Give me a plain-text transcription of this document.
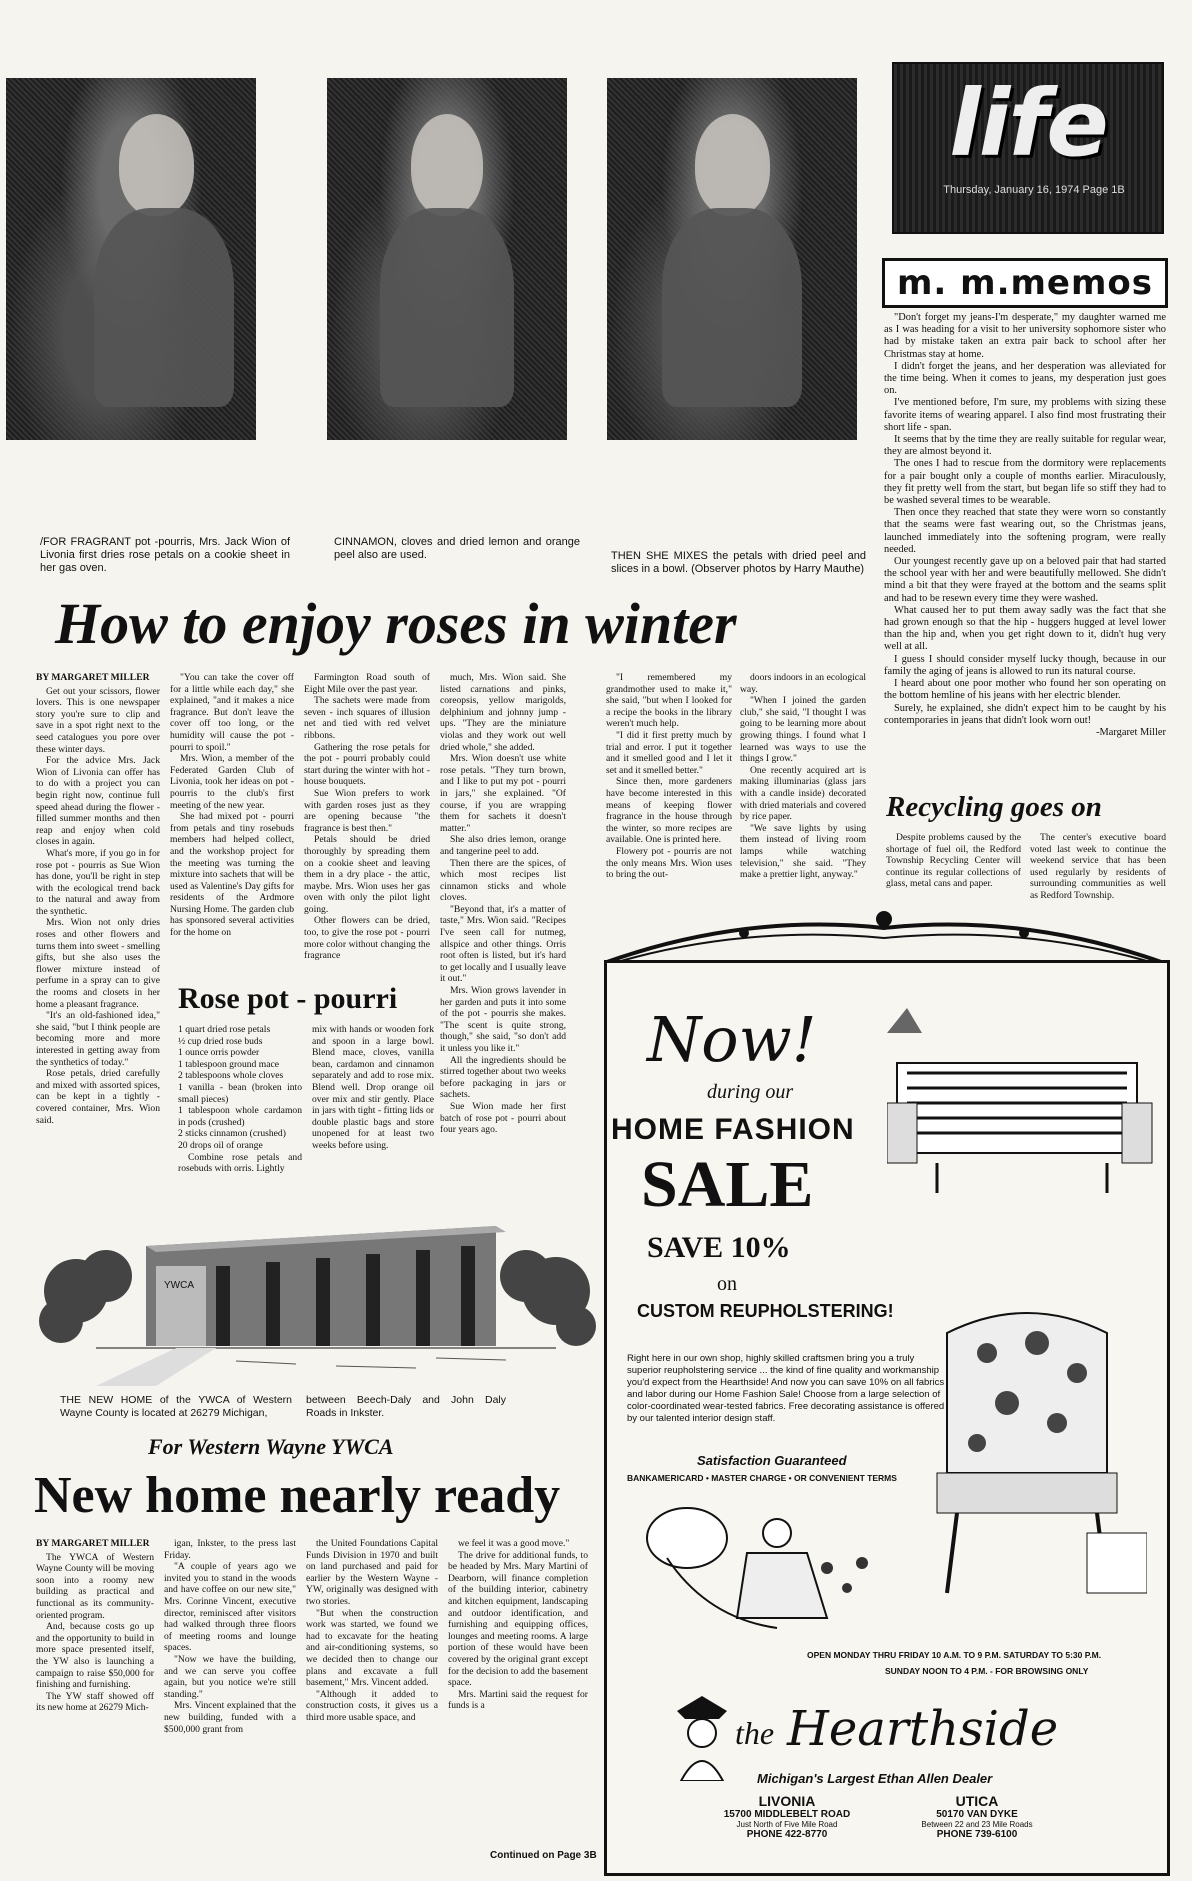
/FOR FRAGRANT pot -pourris, Mrs. Jack Wion of Livonia first dries rose petals on a cookie sheet in her gas oven.
CINNAMON, cloves and dried lemon and orange peel also are used.	THEN SHE MIXES the petals with dried peel and slices in a bowl. (Observer photos by Harry Mauthe)
life
Thursday, January 16, 1974 Page 1B
m. m.memos

"Don't forget my jeans-I'm desperate," my daughter warned me as I was heading for a visit to her university sophomore sister who had by mistake taken an extra pair back to school after her Christmas stay at home.

I didn't forget the jeans, and her desperation was alleviated for the time being. When it comes to jeans, my desperation just goes on.

I've mentioned before, I'm sure, my problems with sizing these favorite items of wearing apparel. I also find most frustrating their short life - span.

It seems that by the time they are really suitable for regular wear, they are almost beyond it.

The ones I had to rescue from the dormitory were replacements for a pair bought only a couple of months earlier. Miraculously, they fit pretty well from the start, but began life so stiff they had to be washed several times to be wearable.

Then once they reached that state they were worn so constantly that the seams were fast wearing out, so the Christmas jeans, launched immediately into the softening program, were really needed.

Our youngest recently gave up on a beloved pair that had started the school year with her and were beautifully mellowed. She didn't mind a bit that they were frayed at the bottom and the seams split and had to be resewn every time they were washed.

What caused her to put them away sadly was the fact that she had grown enough so that the hip - huggers hugged at level lower than the hip and, when you get right down to it, didn't hug very well at all.

I guess I should consider myself lucky though, because in our family the aging of jeans is allowed to run its natural course.

I heard about one poor mother who found her son operating on the bottom hemline of his jeans with her electric blender.

Surely, he explained, she didn't expect him to be caught by his contemporaries in jeans that didn't look worn out!

-Margaret Miller

Recycling goes on

Despite problems caused by the shortage of fuel oil, the Redford Township Recycling Center will continue its regular collections of glass, metal cans and paper.

The center's executive board voted last week to continue the weekend service that has been used regularly by residents of surrounding communities as well as Redford Township.

How to enjoy roses in winter

BY MARGARET MILLER

Get out your scissors, flower lovers. This is one newspaper story you're sure to clip and save in a spot right next to the seed catalogues you pore over these winter days.

For the advice Mrs. Jack Wion of Livonia can offer has to do with a project you can begin right now, continue full speed ahead during the flower - filled summer months and then reap and enjoy when cold closes in again.

What's more, if you go in for rose pot - pourris as Sue Wion has done, you'll be right in step with the ecological trend back to the natural and away from the synthetic.

Mrs. Wion not only dries roses and other flowers and turns them into sweet - smelling gifts, but she also uses the flower mixture instead of perfume in a spray can to give the rooms and closets in her home a pleasant fragrance.

"It's an old-fashioned idea," she said, "but I think people are becoming more and more interested in getting away from the synthetics of today."

Rose petals, dried carefully and mixed with assorted spices, can be kept in a tightly - covered container, Mrs. Wion said.

"You can take the cover off for a little while each day," she explained, "and it makes a nice fragrance. But don't leave the cover off too long, or the humidity will cause the pot - pourri to spoil."

Mrs. Wion, a member of the Federated Garden Club of Livonia, took her ideas on pot - pourris to the club's first meeting of the new year.

She had mixed pot - pourri from petals and tiny rosebuds members had helped collect, and the workshop project for the meeting was turning the mixture into sachets that will be used as Valentine's Day gifts for residents of the Ardmore Nursing Home. The garden club has sponsored several activities for the home on

Farmington Road south of Eight Mile over the past year.

The sachets were made from seven - inch squares of illusion net and tied with red velvet ribbons.

Gathering the rose petals for the pot - pourri probably could start during the winter with hot - house bouquets.

Sue Wion prefers to work with garden roses just as they are opening because "the fragrance is best then."

Petals should be dried thoroughly by spreading them on a cookie sheet and leaving them in a dry place - the attic, maybe. Mrs. Wion uses her gas oven with only the pilot light going.

Other flowers can be dried, too, to give the rose pot - pourri more color without changing the fragrance

much, Mrs. Wion said. She listed carnations and pinks, coreopsis, yellow marigolds, delphinium and johnny jump - ups. "They are the miniature violas and they work out well dried whole," she added.

Mrs. Wion doesn't use white rose petals. "They turn brown, and I like to put my pot - pourri in jars," she explained. "Of course, if you are wrapping them for sachets it doesn't matter."

She also dries lemon, orange and tangerine peel to add.

Then there are the spices, of which most recipes list cinnamon sticks and whole cloves.

"Beyond that, it's a matter of taste," Mrs. Wion said. "Recipes I've seen call for nutmeg, allspice and other things. Orris root often is listed, but it's hard to get locally and I usually leave it out."

Mrs. Wion grows lavender in her garden and puts it into some of the pot - pourris she makes. "The scent is quite strong, though," she said, "so don't add it unless you like it."

All the ingredients should be stirred together about two weeks before packaging in jars or sachets.

Sue Wion made her first batch of rose pot - pourri about four years ago.

"I remembered my grandmother used to make it," she said, "but when I looked for a recipe the books in the library weren't much help.

"I did it first pretty much by trial and error. I put it together and it smelled good and I let it set and it smelled better."

Since then, more gardeners have become interested in this means of keeping flower fragrance in the house through the winter, so more recipes are available. One is printed here.

Flowery pot - pourris are not the only means Mrs. Wion uses to bring the out-

doors indoors in an ecological way.

"When I joined the garden club," she said, "I thought I was going to be learning more about growing things. I found what I learned was ways to use the things I grow."

One recently acquired art is making illuminarias (glass jars with a candle inside) decorated with dried materials and covered by rice paper.

"We save lights by using them instead of living room lamps while watching television," she said. "They make a prettier light, anyway."

Rose pot - pourri

1 quart dried rose petals

½ cup dried rose buds

1 ounce orris powder

1 tablespoon ground mace

2 tablespoons whole cloves

1 vanilla - bean (broken into small pieces)

1 tablespoon whole cardamon in pods (crushed)

2 sticks cinnamon (crushed)

20 drops oil of orange

Combine rose petals and rosebuds with orris. Lightly

mix with hands or wooden fork and spoon in a large bowl. Blend mace, cloves, vanilla bean, cardamon and cinnamon separately and add to rose mix. Blend well. Drop orange oil over mix and stir gently. Place in jars with tight - fitting lids or double plastic bags and store unopened for at least two weeks before using.

YWCA
THE NEW HOME of the YWCA of Western Wayne County is located at 26279 Michigan,
between Beech-Daly and John Daly Roads in Inkster.
For Western Wayne YWCA
New home nearly ready

BY MARGARET MILLER

The YWCA of Western Wayne County will be moving soon into a roomy new building as practical and functional as its community-oriented program.

And, because costs go up and the opportunity to build in more space presented itself, the YW also is launching a campaign to raise $50,000 for finishing and furnishing.

The YW staff showed off its new home at 26279 Mich-

igan, Inkster, to the press last Friday.

"A couple of years ago we invited you to stand in the woods and have coffee on our new site," Mrs. Corinne Vincent, executive director, reminisced after visitors had walked through three floors of meeting rooms and lounge spaces.

"Now we have the building, and we can serve you coffee again, but you notice we're still standing."

Mrs. Vincent explained that the new building, funded with a $500,000 grant from

the United Foundations Capital Funds Division in 1970 and built on land purchased and paid for earlier by the Western Wayne - YW, originally was designed with two stories.

"But when the construction work was started, we found we had to excavate for the heating and air-conditioning systems, so we decided then to change our plans and excavate a full basement," Mrs. Vincent added.

"Although it added to construction costs, it gives us a third more usable space, and

we feel it was a good move."

The drive for additional funds, to be headed by Mrs. Mary Martini of Dearborn, will finance completion of the building interior, cabinetry and kitchen equipment, landscaping and outdoor identification, and furnishing and equipping offices, lounges and meeting rooms. A large portion of these would have been covered by the original grant except for the decision to add the basement space.

Mrs. Martini said the request for funds is a

Continued on Page 3B
Now!
during our
HOME FASHION
SALE
SAVE 10%
on
CUSTOM REUPHOLSTERING!
Right here in our own shop, highly skilled craftsmen bring you a truly superior reupholstering service ... the kind of fine quality and workmanship you'd expect from the Hearthside! And now you can save 10% on all fabrics and labor during our Home Fashion Sale! Choose from a large selection of color-coordinated wear-tested fabrics. Free decorating assistance is offered by our talented interior design staff.
Satisfaction Guaranteed
BANKAMERICARD • MASTER CHARGE • OR CONVENIENT TERMS
OPEN MONDAY THRU FRIDAY 10 A.M. TO 9 P.M. SATURDAY TO 5:30 P.M.
SUNDAY NOON TO 4 P.M. - FOR BROWSING ONLY
the Hearthside
Michigan's Largest Ethan Allen Dealer
LIVONIA
15700 MIDDLEBELT ROAD
Just North of Five Mile Road
PHONE 422-8770
UTICA
50170 VAN DYKE
Between 22 and 23 Mile Roads
PHONE 739-6100
